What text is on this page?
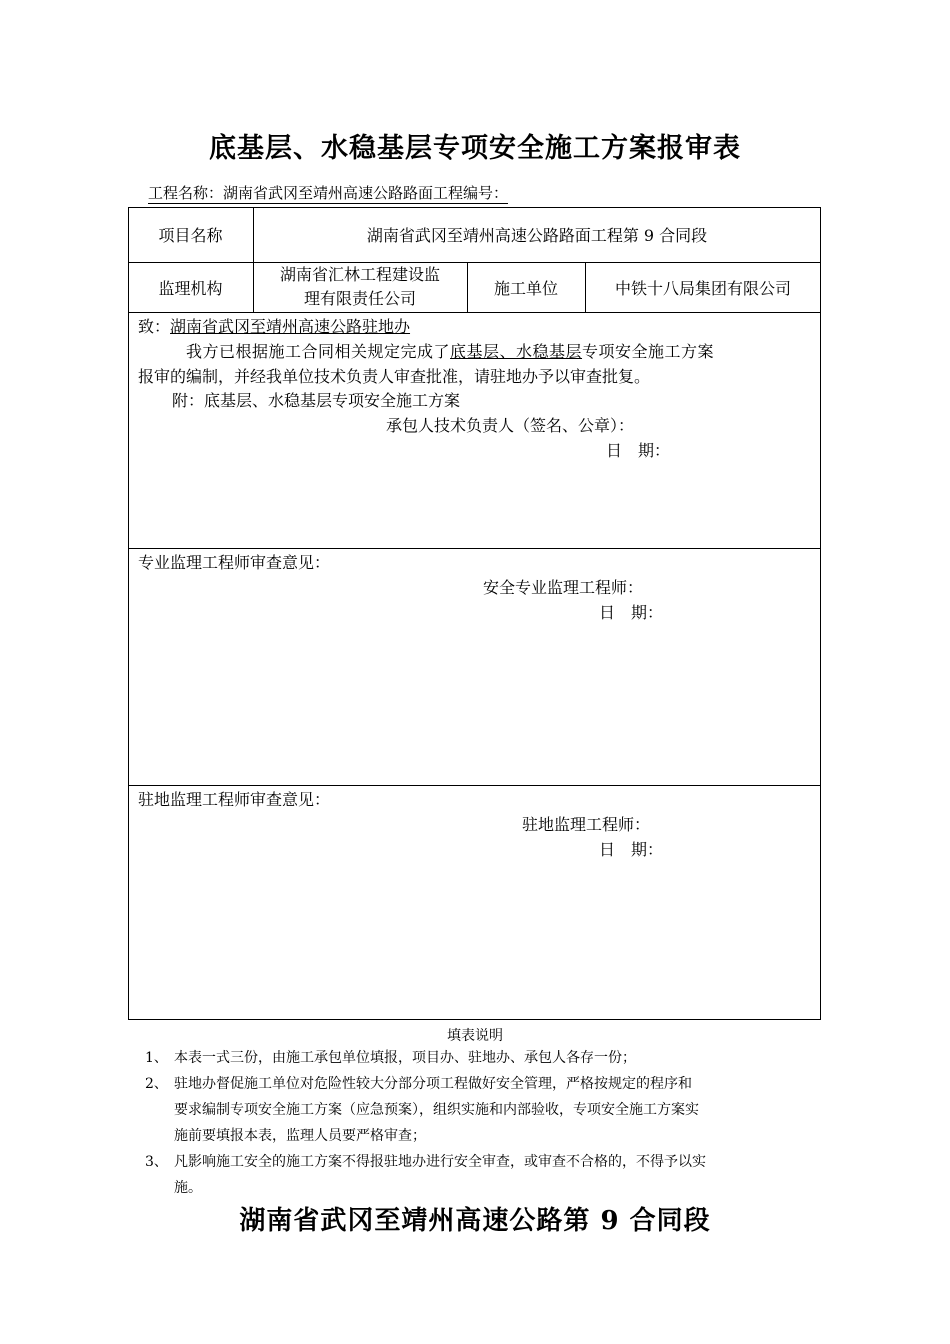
底基层、水稳基层专项安全施工方案报审表
工程名称：湖南省武冈至靖州高速公路路面工程编号：
项目名称	湖南省武冈至靖州高速公路路面工程第 9 合同段
监理机构
湖南省汇林工程建设监
理有限责任公司
施工单位	中铁十八局集团有限公司
致：湖南省武冈至靖州高速公路驻地办
我方已根据施工合同相关规定完成了底基层、水稳基层专项安全施工方案
报审的编制，并经我单位技术负责人审查批准，请驻地办予以审查批复。
附：底基层、水稳基层专项安全施工方案
承包人技术负责人（签名、公章）：
日　期：
专业监理工程师审查意见：
安全专业监理工程师：
日　期：
驻地监理工程师审查意见：
驻地监理工程师：
日　期：
填表说明
1、 本表一式三份，由施工承包单位填报，项目办、驻地办、承包人各存一份；
2、 驻地办督促施工单位对危险性较大分部分项工程做好安全管理，严格按规定的程序和
要求编制专项安全施工方案（应急预案），组织实施和内部验收，专项安全施工方案实
施前要填报本表，监理人员要严格审查；
3、 凡影响施工安全的施工方案不得报驻地办进行安全审查，或审查不合格的，不得予以实
施。
湖南省武冈至靖州高速公路第 9 合同段
